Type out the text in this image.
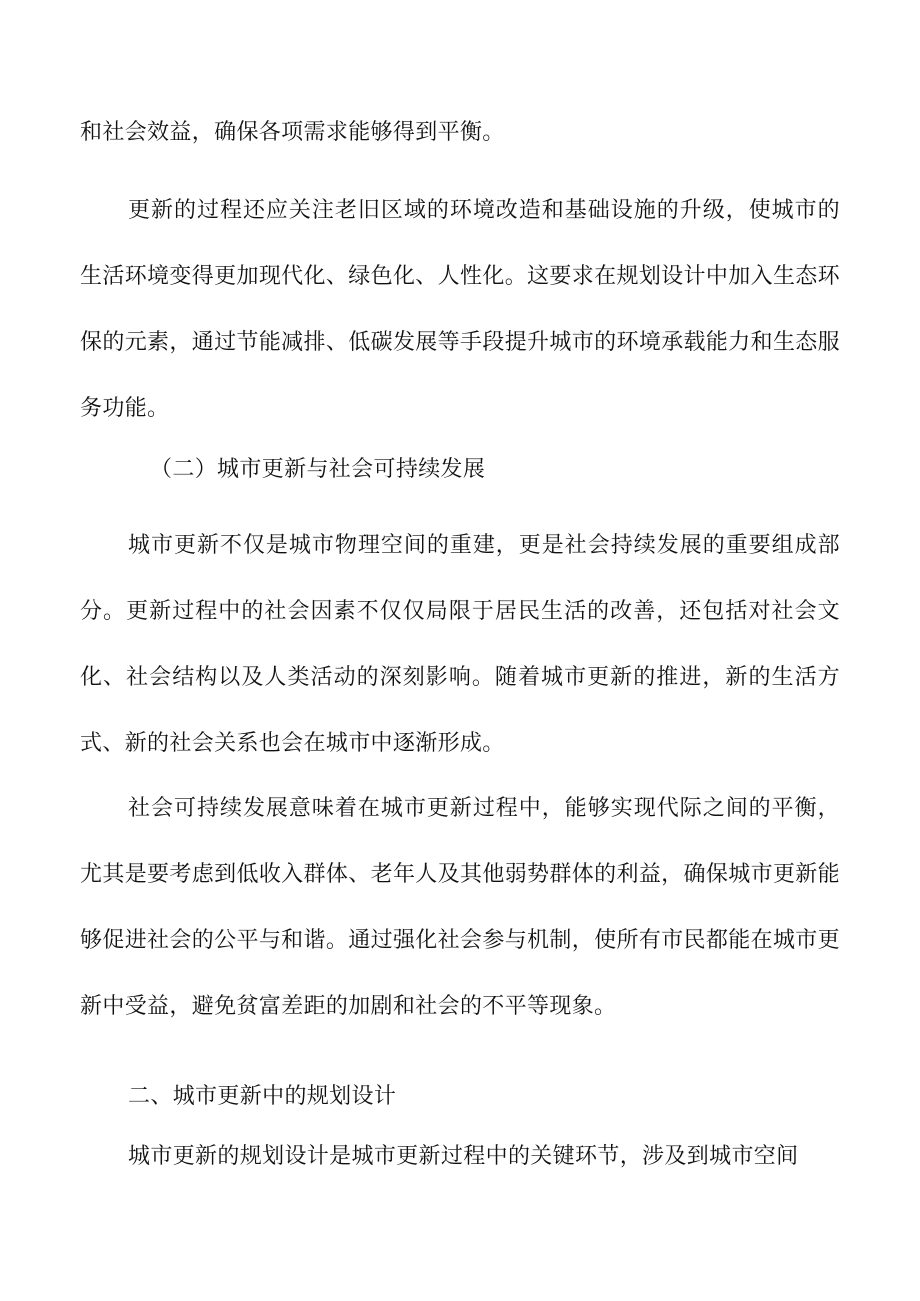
和社会效益，确保各项需求能够得到平衡。

更新的过程还应关注老旧区域的环境改造和基础设施的升级，使城市的生活环境变得更加现代化、绿色化、人性化。这要求在规划设计中加入生态环保的元素，通过节能减排、低碳发展等手段提升城市的环境承载能力和生态服务功能。

（二）城市更新与社会可持续发展

城市更新不仅是城市物理空间的重建，更是社会持续发展的重要组成部分。更新过程中的社会因素不仅仅局限于居民生活的改善，还包括对社会文化、社会结构以及人类活动的深刻影响。随着城市更新的推进，新的生活方式、新的社会关系也会在城市中逐渐形成。

社会可持续发展意味着在城市更新过程中，能够实现代际之间的平衡，尤其是要考虑到低收入群体、老年人及其他弱势群体的利益，确保城市更新能够促进社会的公平与和谐。通过强化社会参与机制，使所有市民都能在城市更新中受益，避免贫富差距的加剧和社会的不平等现象。

二、城市更新中的规划设计

城市更新的规划设计是城市更新过程中的关键环节，涉及到城市空间
